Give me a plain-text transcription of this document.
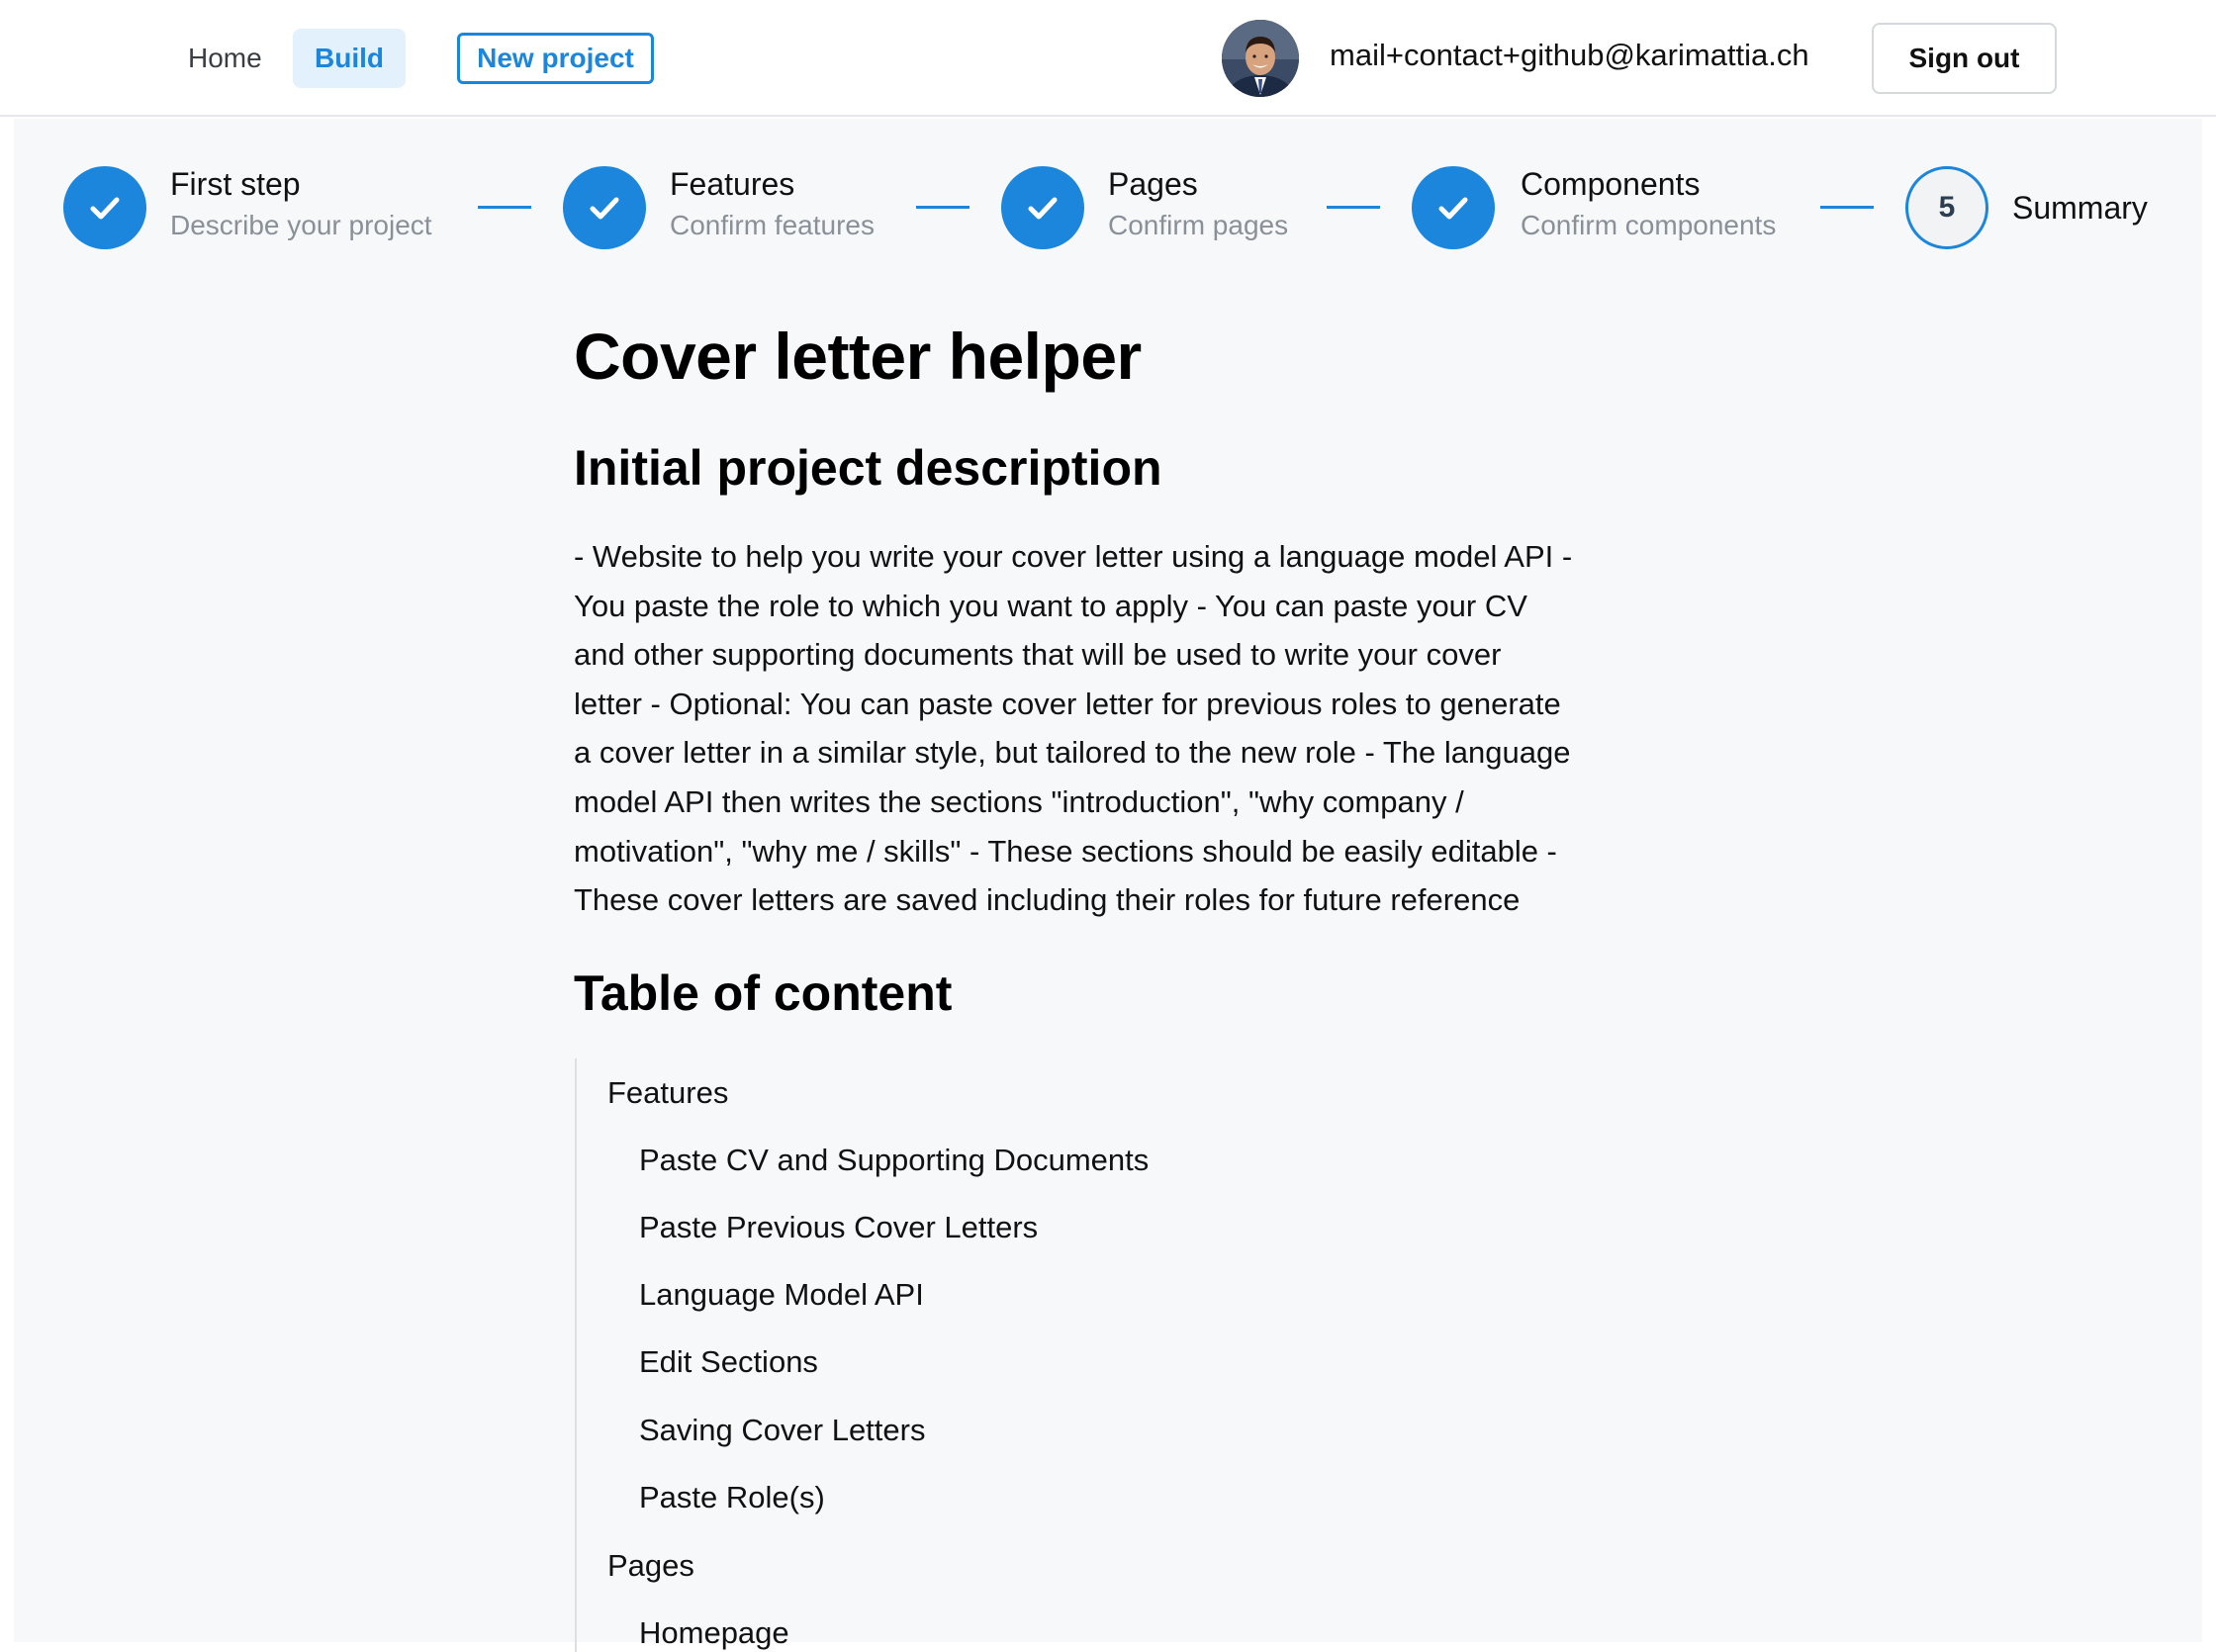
Home	Build	New project	mail+contact+github@karimattia.ch	Sign out
First step
Describe your project
Features
Confirm features
Pages
Confirm pages
Components
Confirm components
5	Summary
Cover letter helper
Initial project description
- Website to help you write your cover letter using a language model API -
You paste the role to which you want to apply - You can paste your CV
and other supporting documents that will be used to write your cover
letter - Optional: You can paste cover letter for previous roles to generate
a cover letter in a similar style, but tailored to the new role - The language
model API then writes the sections "introduction", "why company /
motivation", "why me / skills" - These sections should be easily editable -
These cover letters are saved including their roles for future reference
Table of content
Features
Paste CV and Supporting Documents
Paste Previous Cover Letters
Language Model API
Edit Sections
Saving Cover Letters
Paste Role(s)
Pages
Homepage
